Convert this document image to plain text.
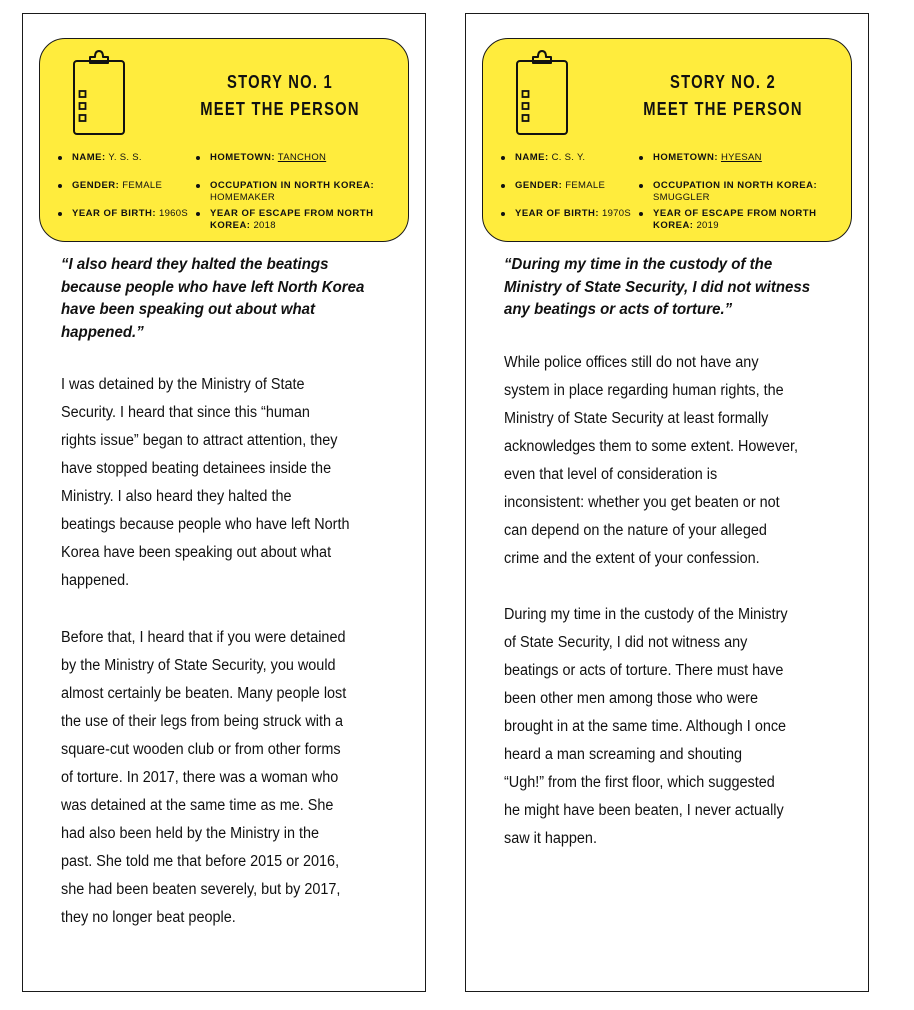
STORY NO. 1
MEET THE PERSON
NAME: Y. S. S.	HOMETOWN: TANCHON
GENDER: FEMALE	OCCUPATION IN NORTH KOREA: HOMEMAKER
YEAR OF BIRTH: 1960S	YEAR OF ESCAPE FROM NORTH KOREA: 2018

“I also heard they halted the beatings
because people who have left North Korea
have been speaking out about what
happened.”

I was detained by the Ministry of State
Security. I heard that since this “human
rights issue” began to attract attention, they
have stopped beating detainees inside the
Ministry. I also heard they halted the
beatings because people who have left North
Korea have been speaking out about what
happened.

Before that, I heard that if you were detained
by the Ministry of State Security, you would
almost certainly be beaten. Many people lost
the use of their legs from being struck with a
square-cut wooden club or from other forms
of torture. In 2017, there was a woman who
was detained at the same time as me. She
had also been held by the Ministry in the
past. She told me that before 2015 or 2016,
she had been beaten severely, but by 2017,
they no longer beat people.

STORY NO. 2
MEET THE PERSON
NAME: C. S. Y.	HOMETOWN: HYESAN
GENDER: FEMALE	OCCUPATION IN NORTH KOREA: SMUGGLER
YEAR OF BIRTH: 1970S	YEAR OF ESCAPE FROM NORTH KOREA: 2019

“During my time in the custody of the
Ministry of State Security, I did not witness
any beatings or acts of torture.”

While police offices still do not have any
system in place regarding human rights, the
Ministry of State Security at least formally
acknowledges them to some extent. However,
even that level of consideration is
inconsistent: whether you get beaten or not
can depend on the nature of your alleged
crime and the extent of your confession.

During my time in the custody of the Ministry
of State Security, I did not witness any
beatings or acts of torture. There must have
been other men among those who were
brought in at the same time. Although I once
heard a man screaming and shouting
“Ugh!” from the first floor, which suggested
he might have been beaten, I never actually
saw it happen.
